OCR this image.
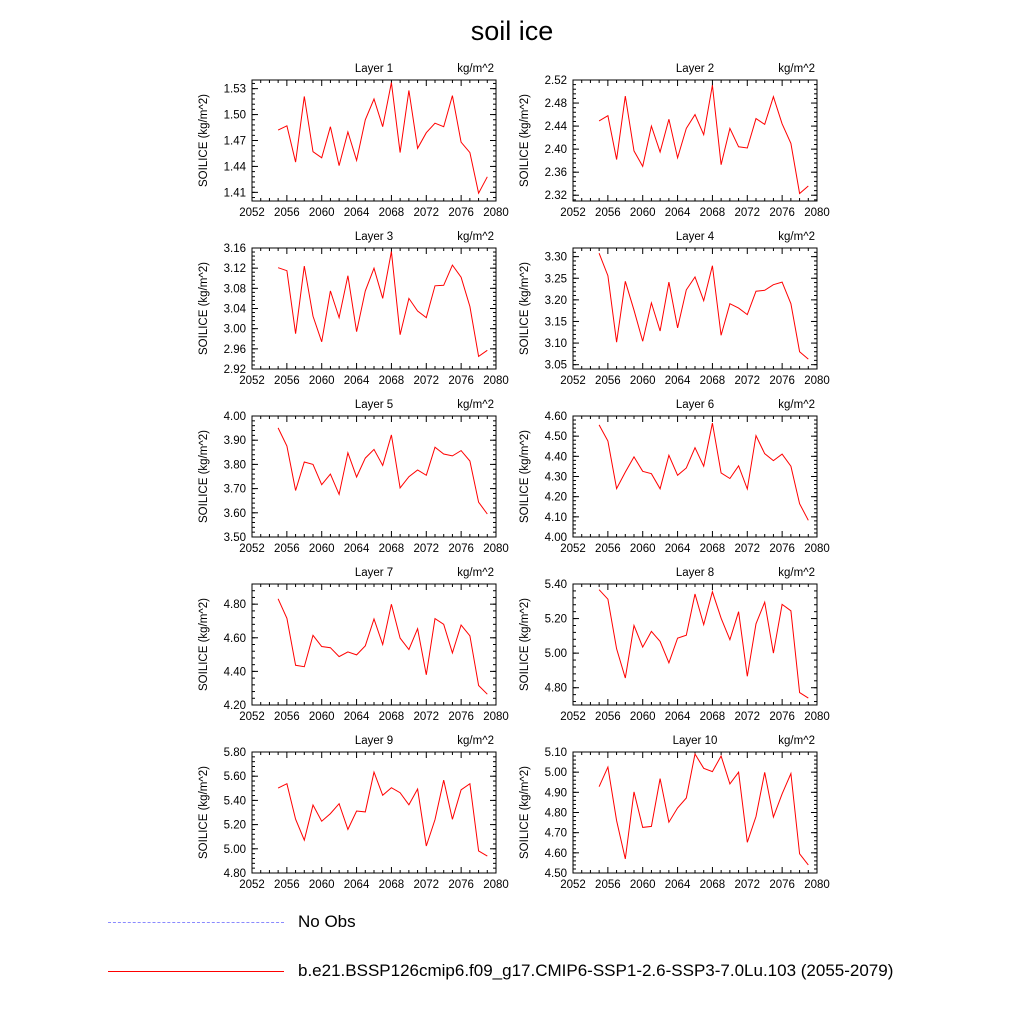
soil ice
2052 2056 2060 2064 2068 2072 2076 2080
1.41
1.44
1.47
1.50
1.53
Layer 1	kg/m^2
SOILICE (kg/m^2)
2052 2056 2060 2064 2068 2072 2076 2080
2.32
2.36
2.40
2.44
2.48
2.52
Layer 2	kg/m^2
SOILICE (kg/m^2)
2052 2056 2060 2064 2068 2072 2076 2080
2.92
2.96
3.00
3.04
3.08
3.12
3.16
Layer 3	kg/m^2
SOILICE (kg/m^2)
2052 2056 2060 2064 2068 2072 2076 2080
3.05
3.10
3.15
3.20
3.25
3.30
Layer 4	kg/m^2
SOILICE (kg/m^2)
2052 2056 2060 2064 2068 2072 2076 2080
3.50
3.60
3.70
3.80
3.90
4.00
Layer 5	kg/m^2
SOILICE (kg/m^2)
2052 2056 2060 2064 2068 2072 2076 2080
4.00
4.10
4.20
4.30
4.40
4.50
4.60
Layer 6	kg/m^2
SOILICE (kg/m^2)
2052 2056 2060 2064 2068 2072 2076 2080
4.20
4.40
4.60
4.80
Layer 7	kg/m^2
SOILICE (kg/m^2)
2052 2056 2060 2064 2068 2072 2076 2080
4.80
5.00
5.20
5.40
Layer 8	kg/m^2
SOILICE (kg/m^2)
2052 2056 2060 2064 2068 2072 2076 2080
4.80
5.00
5.20
5.40
5.60
5.80
Layer 9	kg/m^2
SOILICE (kg/m^2)
2052 2056 2060 2064 2068 2072 2076 2080
4.50
4.60
4.70
4.80
4.90
5.00
5.10
Layer 10	kg/m^2
SOILICE (kg/m^2)
No Obs
b.e21.BSSP126cmip6.f09_g17.CMIP6-SSP1-2.6-SSP3-7.0Lu.103 (2055-2079)
